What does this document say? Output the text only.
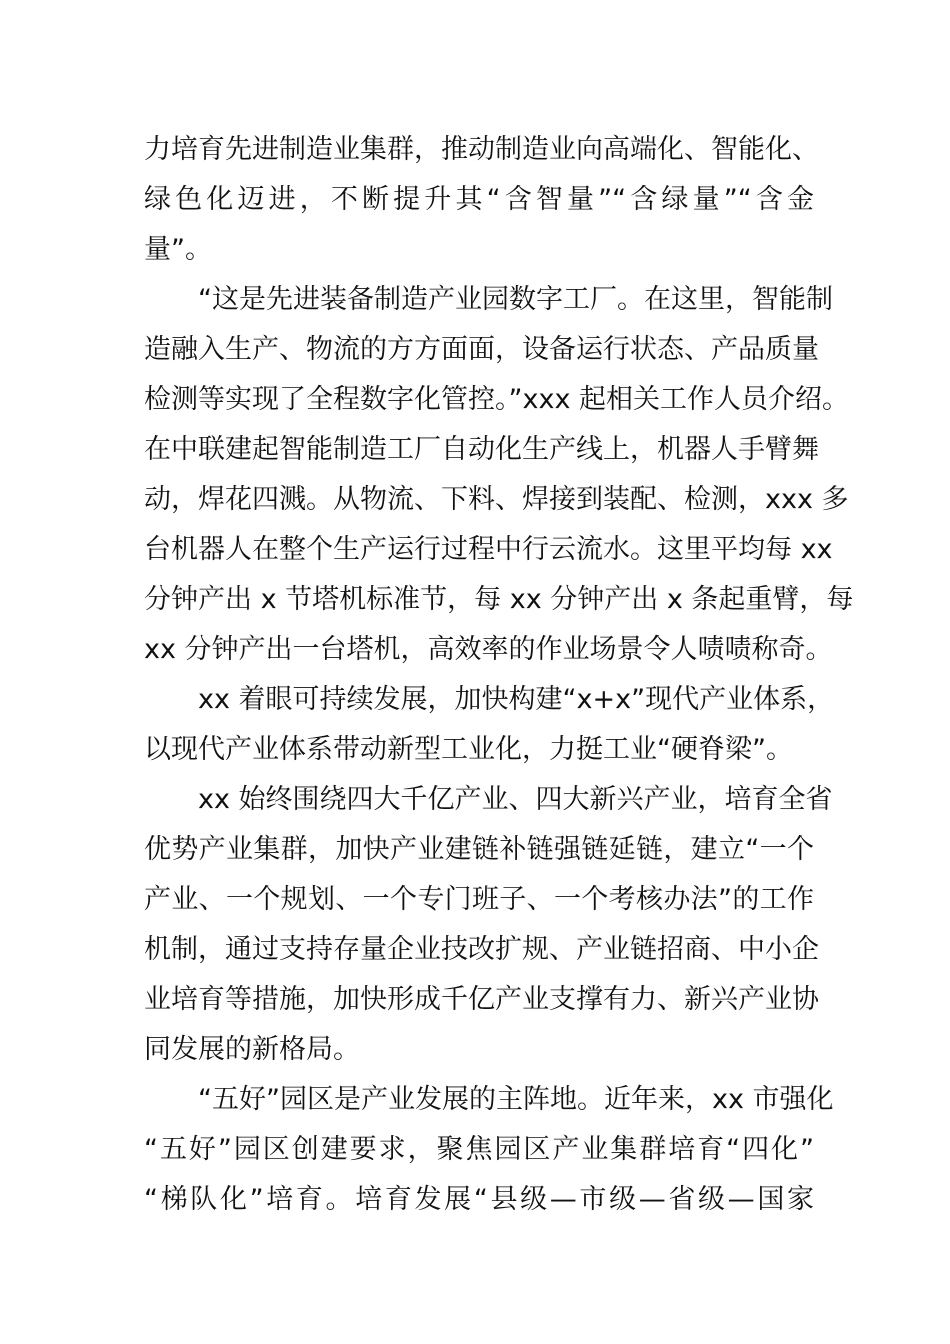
力培育先进制造业集群，推动制造业向高端化、智能化、
绿色化迈进，不断提升其“含智量”“含绿量”“含金
量”。
“这是先进装备制造产业园数字工厂。在这里，智能制
造融入生产、物流的方方面面，设备运行状态、产品质量
检测等实现了全程数字化管控。”xxx 起相关工作人员介绍。
在中联建起智能制造工厂自动化生产线上，机器人手臂舞
动，焊花四溅。从物流、下料、焊接到装配、检测，xxx 多
台机器人在整个生产运行过程中行云流水。这里平均每 xx
分钟产出 x 节塔机标准节，每 xx 分钟产出 x 条起重臂，每
xx 分钟产出一台塔机，高效率的作业场景令人啧啧称奇。
xx 着眼可持续发展，加快构建“x+x”现代产业体系，
以现代产业体系带动新型工业化，力挺工业“硬脊梁”。
xx 始终围绕四大千亿产业、四大新兴产业，培育全省
优势产业集群，加快产业建链补链强链延链，建立“一个
产业、一个规划、一个专门班子、一个考核办法”的工作
机制，通过支持存量企业技改扩规、产业链招商、中小企
业培育等措施，加快形成千亿产业支撑有力、新兴产业协
同发展的新格局。
“五好”园区是产业发展的主阵地。近年来，xx 市强化
“五好”园区创建要求，聚焦园区产业集群培育“四化”
“梯队化”培育。培育发展“县级—市级—省级—国家
